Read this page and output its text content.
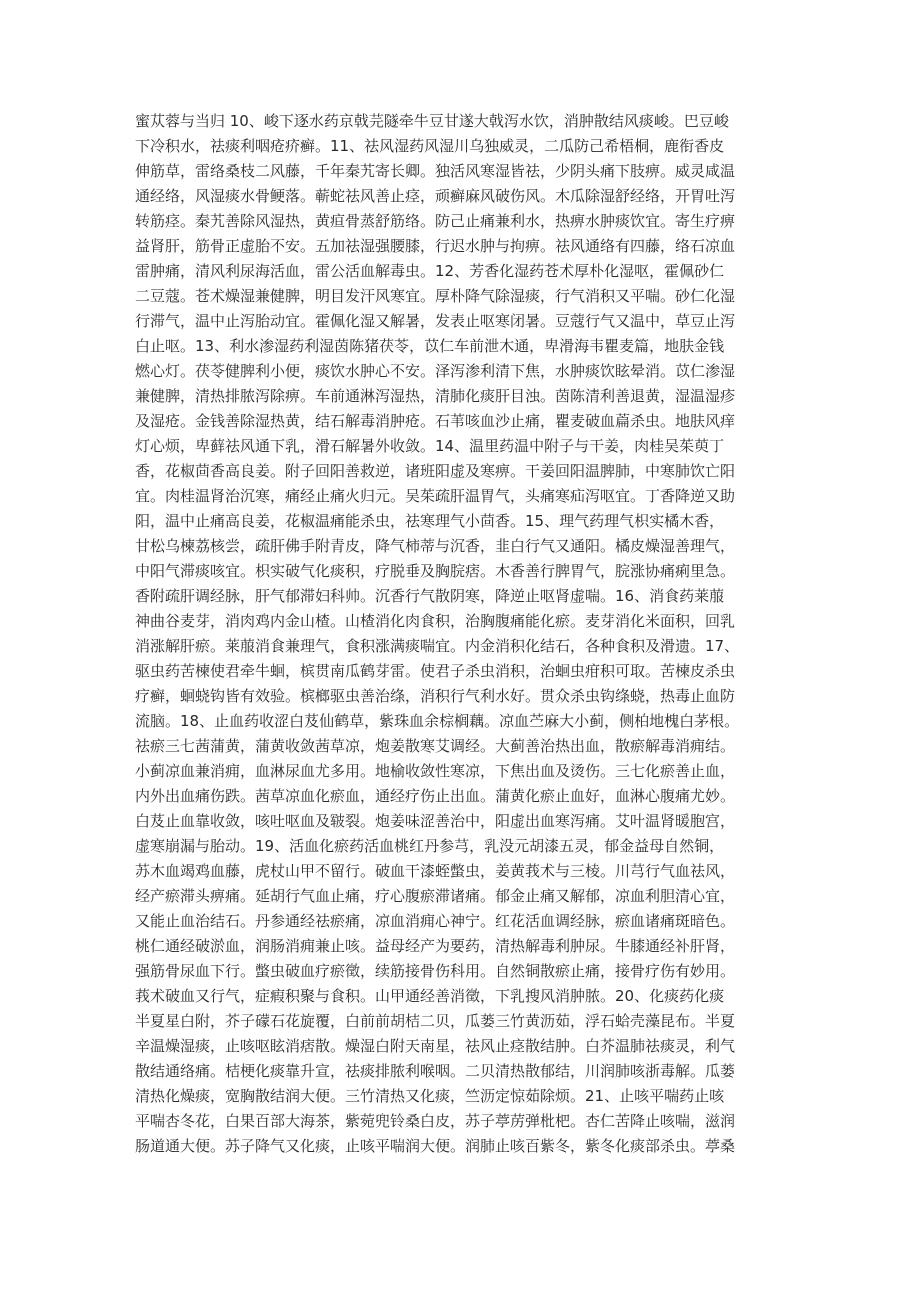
蜜苁蓉与当归 10、峻下逐水药京戟芫隧牵牛豆甘遂大戟泻水饮，消肿散结风痰峻。巴豆峻
下冷积水，祛痰利咽疮疥癣。11、祛风湿药风湿川乌独威灵，二瓜防己希梧桐，鹿衔香皮
伸筋草，雷络桑枝二风藤，千年秦艽寄长卿。独活风寒湿皆祛，少阴头痛下肢痹。威灵咸温
通经络，风湿痰水骨鲠落。蕲蛇祛风善止痉，顽癣麻风破伤风。木瓜除湿舒经络，开胃吐泻
转筋痉。秦艽善除风湿热，黄疸骨蒸舒筋络。防己止痛兼利水，热痹水肿痰饮宜。寄生疗痹
益肾肝，筋骨正虚胎不安。五加祛湿强腰膝，行迟水肿与拘痹。祛风通络有四藤，络石凉血
雷肿痛，清风利尿海活血，雷公活血解毒虫。12、芳香化湿药苍术厚朴化湿呕，霍佩砂仁
二豆蔻。苍术燥湿兼健脾，明目发汗风寒宜。厚朴降气除湿痰，行气消积又平喘。砂仁化湿
行滞气，温中止泻胎动宜。霍佩化湿又解暑，发表止呕寒闭暑。豆蔻行气又温中，草豆止泻
白止呕。13、利水渗湿药利湿茵陈猪茯苓，苡仁车前泄木通，卑滑海韦瞿麦篇，地肤金钱
燃心灯。茯苓健脾利小便，痰饮水肿心不安。泽泻渗利清下焦，水肿痰饮眩晕消。苡仁渗湿
兼健脾，清热排脓泻除痹。车前通淋泻湿热，清肺化痰肝目浊。茵陈清利善退黄，湿温湿疹
及湿疮。金钱善除湿热黄，结石解毒消肿疮。石苇咳血沙止痛，瞿麦破血萹杀虫。地肤风痒
灯心烦，卑藓祛风通下乳，滑石解暑外收敛。14、温里药温中附子与干姜，肉桂吴茱萸丁
香，花椒茴香高良姜。附子回阳善救逆，诸班阳虚及寒痹。干姜回阳温脾肺，中寒肺饮亡阳
宜。肉桂温肾治沉寒，痛经止痛火归元。吴茱疏肝温胃气，头痛寒疝泻呕宜。丁香降逆又助
阳，温中止痛高良姜，花椒温痛能杀虫，祛寒理气小茴香。15、理气药理气枳实橘木香，
甘松乌楝荔核尝，疏肝佛手附青皮，降气柿蒂与沉香，韭白行气又通阳。橘皮燥湿善理气，
中阳气滞痰咳宜。枳实破气化痰积，疗脱垂及胸脘痞。木香善行脾胃气，脘涨协痛痢里急。
香附疏肝调经脉，肝气郁滞妇科帅。沉香行气散阴寒，降逆止呕肾虚喘。16、消食药莱菔
神曲谷麦芽，消肉鸡内金山楂。山楂消化肉食积，治胸腹痛能化瘀。麦芽消化米面积，回乳
消涨解肝瘀。莱菔消食兼理气，食积涨满痰喘宜。内金消积化结石，各种食积及滑遗。17、
驱虫药苦楝使君牵牛蛔，槟贯南瓜鹤芽雷。使君子杀虫消积，治蛔虫疳积可取。苦楝皮杀虫
疗癣，蛔蛲钩皆有效验。槟榔驱虫善治绦，消积行气利水好。贯众杀虫钩绦蛲，热毒止血防
流脑。18、止血药收涩白芨仙鹤草，紫珠血余棕榈藕。凉血苎麻大小蓟，侧柏地槐白茅根。
祛瘀三七茜蒲黄，蒲黄收敛茜草凉，炮姜散寒艾调经。大蓟善治热出血，散瘀解毒消痈结。
小蓟凉血兼消痈，血淋尿血尤多用。地榆收敛性寒凉，下焦出血及烫伤。三七化瘀善止血，
内外出血痛伤跌。茜草凉血化瘀血，通经疗伤止出血。蒲黄化瘀止血好，血淋心腹痛尤妙。
白芨止血靠收敛，咳吐呕血及皲裂。炮姜味涩善治中，阳虚出血寒泻痛。艾叶温肾暖胞宫，
虚寒崩漏与胎动。19、活血化瘀药活血桃红丹参芎，乳没元胡漆五灵，郁金益母自然铜，
苏木血竭鸡血藤，虎杖山甲不留行。破血干漆蛭蟞虫，姜黄莪术与三棱。川芎行气血祛风，
经产瘀滞头痹痛。延胡行气血止痛，疗心腹瘀滞诸痛。郁金止痛又解郁，凉血利胆清心宜，
又能止血治结石。丹参通经祛瘀痛，凉血消痈心神宁。红花活血调经脉，瘀血诸痛斑暗色。
桃仁通经破淤血，润肠消痈兼止咳。益母经产为要药，清热解毒利肿尿。牛膝通经补肝肾，
强筋骨尿血下行。蟞虫破血疗瘀徵，续筋接骨伤科用。自然铜散瘀止痛，接骨疗伤有妙用。
莪术破血又行气，症瘕积聚与食积。山甲通经善消徵，下乳搜风消肿脓。20、化痰药化痰
半夏星白附，芥子礞石花旋覆，白前前胡桔二贝，瓜蒌三竹黄沥茹，浮石蛤壳藻昆布。半夏
辛温燥湿痰，止咳呕眩消痞散。燥湿白附天南星，祛风止痉散结肿。白芥温肺祛痰灵，利气
散结通络痛。桔梗化痰靠升宣，祛痰排脓利喉咽。二贝清热散郁结，川润肺咳浙毒解。瓜蒌
清热化燥痰，宽胸散结润大便。三竹清热又化痰，竺沥定惊茹除烦。21、止咳平喘药止咳
平喘杏冬花，白果百部大海茶，紫菀兜铃桑白皮，苏子葶苈弹枇杷。杏仁苦降止咳喘，滋润
肠道通大便。苏子降气又化痰，止咳平喘润大便。润肺止咳百紫冬，紫冬化痰部杀虫。葶桑
